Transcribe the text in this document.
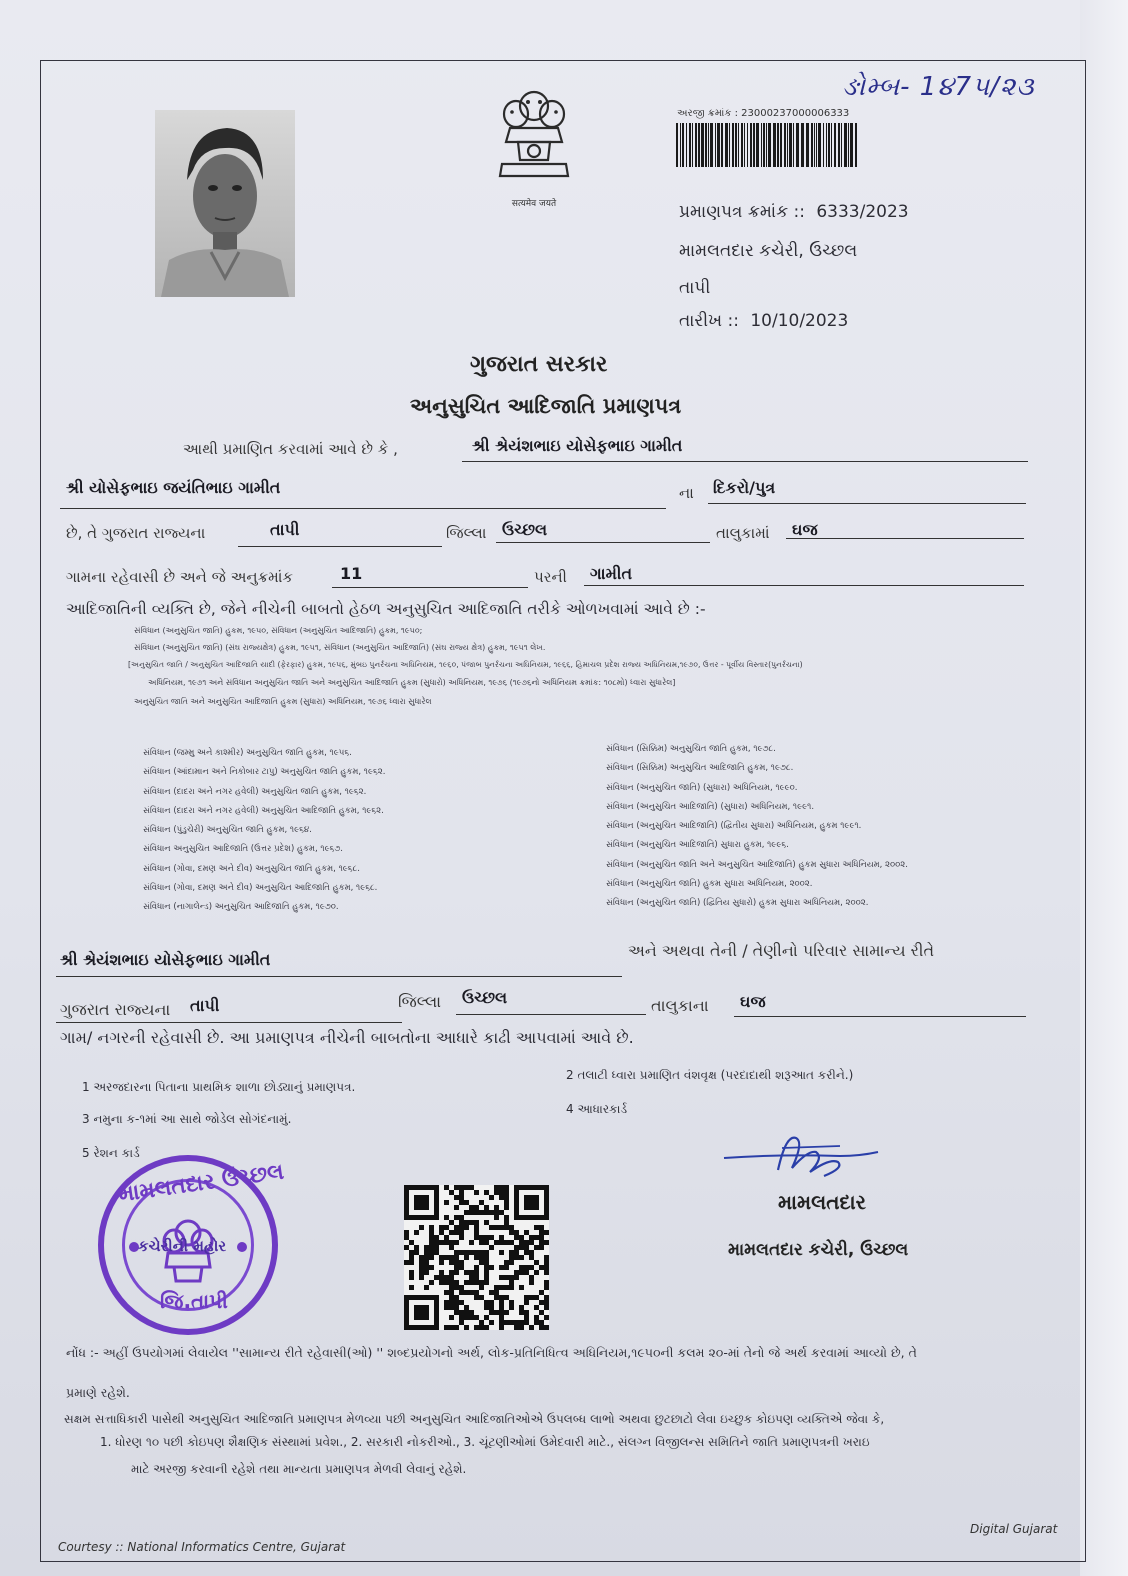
ઙોમ્બ- 1૪7૫/૨૩
सत्यमेव जयते
અરજી ક્રમાંક : 23000237000006333
પ્રમાણપત્ર ક્રમાંક :: 6333/2023
મામલતદાર કચેરી, ઉચ્છલ
તાપી
તારીખ :: 10/10/2023
ગુજરાત સરકાર
અનુસુચિત આદિજાતિ પ્રમાણપત્ર
આથી પ્રમાણિત કરવામાં આવે છે કે ,	શ્રી શ્રેયંશભાઇ યોસેફભાઇ ગામીત
શ્રી યોસેફભાઇ જયંતિભાઇ ગામીત	ના દિકરો/પુત્ર
છે, તે ગુજરાત રાજ્યના	તાપી	જિલ્લા ઉચ્છલ	તાલુકામાં ઘજ
ગામના રહેવાસી છે અને જે અનુક્રમાંક	11	પરની ગામીત
આદિજાતિની વ્યક્તિ છે, જેને નીચેની બાબતો હેઠળ અનુસુચિત આદિજાતિ તરીકે ઓળખવામાં આવે છે :-
સંવિધાન (અનુસુચિત જાતિ) હુકમ, ૧૯૫૦, સંવિધાન (અનુસુચિત આદિજાતિ) હુકમ, ૧૯૫૦;
સંવિધાન (અનુસુચિત જાતિ) (સંઘ રાજ્યક્ષેત્ર) હુકમ, ૧૯૫૧, સંવિધાન (અનુસુચિત આદિજાતિ) (સંઘ રાજ્ય ક્ષેત્ર) હુકમ, ૧૯૫૧ લેખ.
[અનુસુચિત જાતિ / અનુસુચિત આદિજાતિ યાદી (ફેરફાર) હુકમ, ૧૯૫૬, મુંબઇ પુનર્રચના અધિનિયમ, ૧૯૬૦, પંજાબ પુનર્રચના અધિનિયમ, ૧૯૬૬, હિમાચલ પ્રદેશ રાજ્ય અધિનિયમ,૧૯૭૦, ઉત્તર - પૂર્વીય વિસ્તાર(પુનર્રચના)
અધિનિયમ, ૧૯૭૧ અને સંવિધાન અનુસુચિત જાતિ અને અનુસુચિત આદિજાતિ હુકમ (સુધારો) અધિનિયમ, ૧૯૭૬ (૧૯૭૬નો અધિનિયમ ક્રમાંક: ૧૦૮મો) ધ્વારા સુધારેલ]
અનુસુચિત જાતિ અને અનુસુચિત આદિજાતિ હુકમ (સુધારા) અધિનિયમ, ૧૯૭૬ ધ્વારા સુધારેલ
સંવિધાન (જમ્મુ અને કાશ્મીર) અનુસુચિત જાતિ હુકમ, ૧૯૫૬.
સંવિધાન (આંદામાન અને નિકોબાર ટાપુ) અનુસુચિત જાતિ હુકમ, ૧૯૬૨.
સંવિધાન (દાદરા અને નગર હવેલી) અનુસુચિત જાતિ હુકમ, ૧૯૬૨.
સંવિધાન (દાદરા અને નગર હવેલી) અનુસુચિત આદિજાતિ હુકમ, ૧૯૬૨.
સંવિધાન (પુંડુચેરી) અનુસુચિત જાતિ હુકમ, ૧૯૬૪.
સંવિધાન અનુસુચિત આદિજાતિ (ઉત્તર પ્રદેશ) હુકમ, ૧૯૬૭.
સંવિધાન (ગોવા, દમણ અને દીવ) અનુસુચિત જાતિ હુકમ, ૧૯૬૮.
સંવિધાન (ગોવા, દમણ અને દીવ) અનુસુચિત આદિજાતિ હુકમ, ૧૯૬૮.
સંવિધાન (નાગાલેન્ડ) અનુસુચિત આદિજાતિ હુકમ, ૧૯૭૦.
સંવિધાન (સિક્કિમ) અનુસુચિત જાતિ હુકમ, ૧૯૭૮.
સંવિધાન (સિક્કિમ) અનુસુચિત આદિજાતિ હુકમ, ૧૯૭૮.
સંવિધાન (અનુસુચિત જાતિ) (સુધારા) અધિનિયમ, ૧૯૯૦.
સંવિધાન (અનુસુચિત આદિજાતિ) (સુધારા) અધિનિયમ, ૧૯૯૧.
સંવિધાન (અનુસુચિત આદિજાતિ) (દ્વિતીય સુધારા) અધિનિયમ, હુકમ ૧૯૯૧.
સંવિધાન (અનુસુચિત આદિજાતિ) સુધારા હુકમ, ૧૯૯૬.
સંવિધાન (અનુસુચિત જાતિ અને અનુસુચિત આદિજાતિ) હુકમ સુધારા અધિનિયમ, ૨૦૦૨.
સંવિધાન (અનુસુચિત જાતિ) હુકમ સુધારા અધિનિયમ, ૨૦૦૨.
સંવિધાન (અનુસુચિત જાતિ) (દ્વિતિય સુધારો) હુકમ સુધારા અધિનિયમ, ૨૦૦૨.
શ્રી શ્રેયંશભાઇ યોસેફભાઇ ગામીત	અને અથવા તેની / તેણીનો પરિવાર સામાન્ય રીતે
ગુજરાત રાજ્યના તાપી	જિલ્લા ઉચ્છલ	તાલુકાના ઘજ
ગામ/ નગરની રહેવાસી છે. આ પ્રમાણપત્ર નીચેની બાબતોના આધારે કાઢી આપવામાં આવે છે.
1 અરજદારના પિતાના પ્રાથમિક શાળા છોડ્યાનું પ્રમાણપત્ર.
2 તલાટી ધ્વારા પ્રમાણિત વંશવૃક્ષ (પરદાદાથી શરૂઆત કરીને.)
3 નમુના ક-૧માં આ સાથે જોડેલ સોગંદનામું.
4 આધારકાર્ડ
5 રેશન કાર્ડ
મામલતદાર ઉચ્છલ
કચેરીની મહોર
જિ.તાપી
મામલતદાર
મામલતદાર કચેરી, ઉચ્છલ
નોંધ :- અહીં ઉપયોગમાં લેવાયેલ ''સામાન્ય રીતે રહેવાસી(ઓ) '' શબ્દપ્રયોગનો અર્થ, લોક-પ્રતિનિધિત્વ અધિનિયમ,૧૯૫૦ની કલમ ૨૦-માં તેનો જે અર્થ કરવામાં આવ્યો છે, તે
પ્રમાણે રહેશે.
સક્ષમ સત્તાધિકારી પાસેથી અનુસુચિત આદિજાતિ પ્રમાણપત્ર મેળવ્યા પછી અનુસુચિત આદિજાતિઓએ ઉપલબ્ધ લાભો અથવા છુટછાટો લેવા ઇચ્છુક કોઇપણ વ્યક્તિએ જેવા કે,
1. ધોરણ ૧૦ પછી કોઇપણ શૈક્ષણિક સંસ્થામાં પ્રવેશ., 2. સરકારી નોકરીઓ., 3. ચૂંટણીઓમાં ઉમેદવારી માટે., સંલગ્ન વિજીલન્સ સમિતિને જાતિ પ્રમાણપત્રની ખરાઇ
માટે અરજી કરવાની રહેશે તથા માન્યતા પ્રમાણપત્ર મેળવી લેવાનું રહેશે.
Courtesy :: National Informatics Centre, Gujarat
Digital Gujarat
